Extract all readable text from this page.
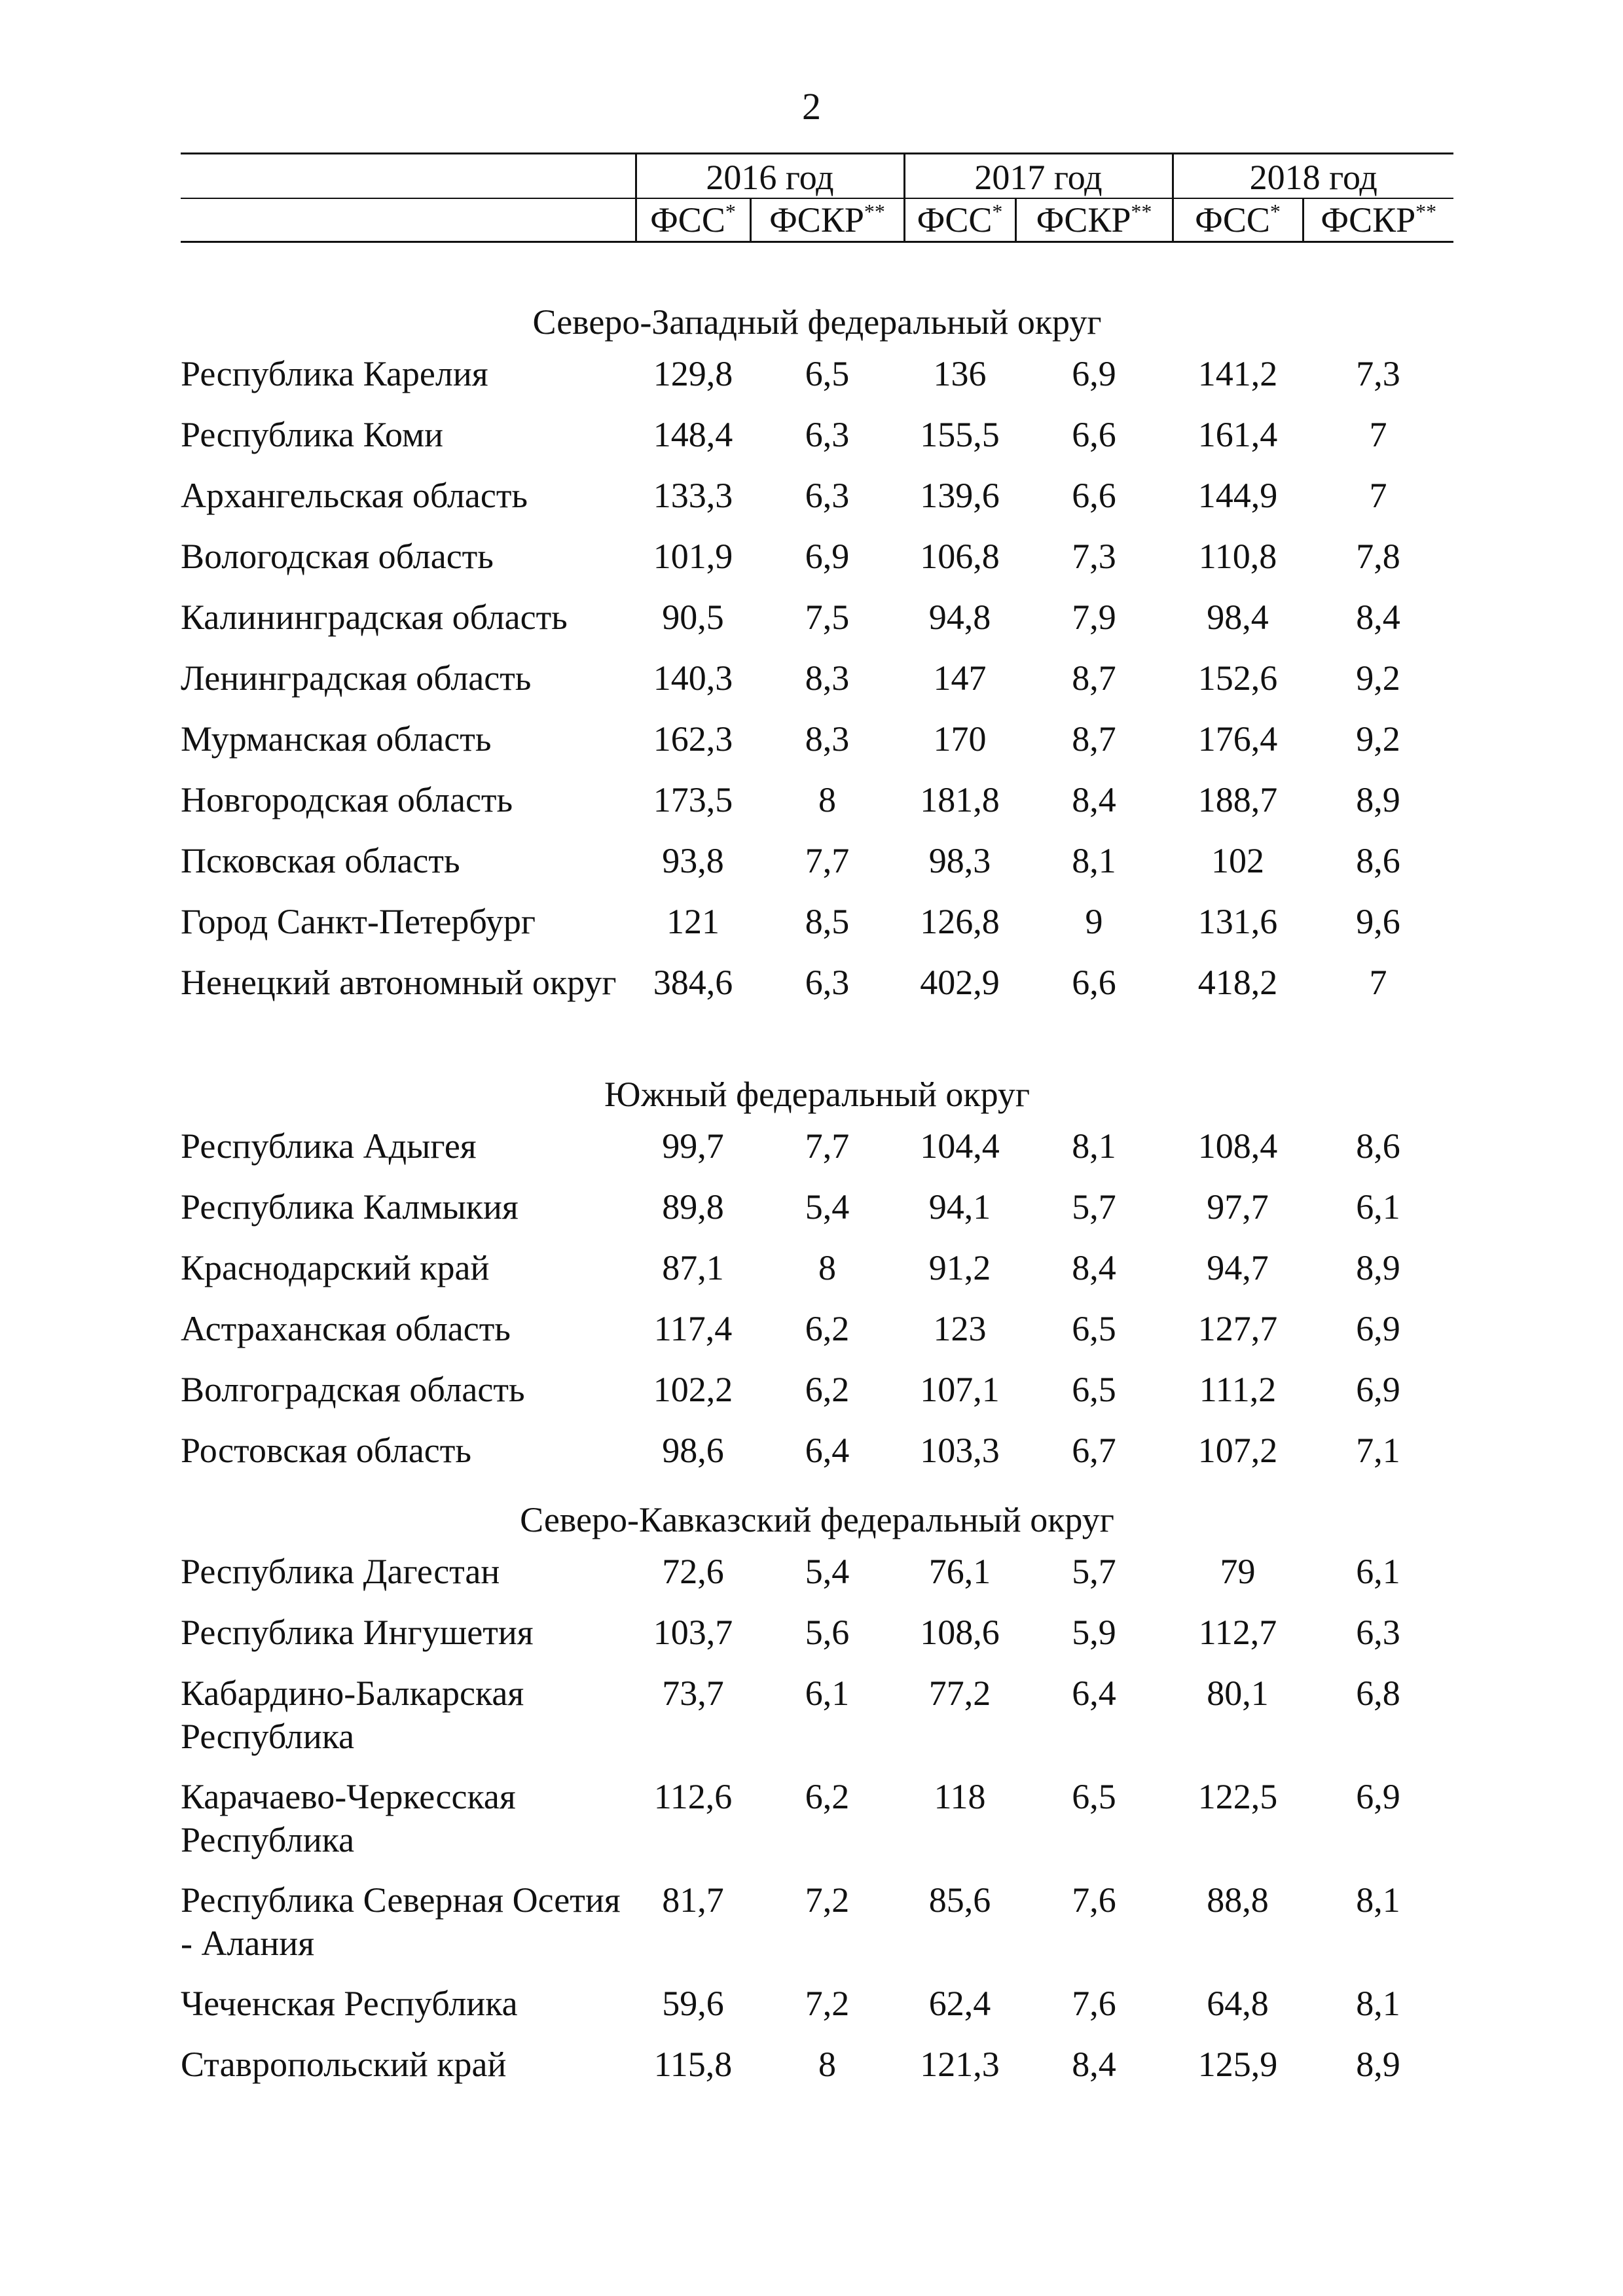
2
	2016 год		2017 год		2018 год	
	ФСС*	ФСКР**	ФСС*	ФСКР**	ФСС*	ФСКР**

Северо-Западный федеральный округ						
Республика Карелия	129,8	6,5	136	6,9	141,2	7,3
Республика Коми	148,4	6,3	155,5	6,6	161,4	7
Архангельская область	133,3	6,3	139,6	6,6	144,9	7
Вологодская область	101,9	6,9	106,8	7,3	110,8	7,8
Калининградская область	90,5	7,5	94,8	7,9	98,4	8,4
Ленинградская область	140,3	8,3	147	8,7	152,6	9,2
Мурманская область	162,3	8,3	170	8,7	176,4	9,2
Новгородская область	173,5	8	181,8	8,4	188,7	8,9
Псковская область	93,8	7,7	98,3	8,1	102	8,6
Город Санкт-Петербург	121	8,5	126,8	9	131,6	9,6
Ненецкий автономный округ	384,6	6,3	402,9	6,6	418,2	7
Южный федеральный округ						
Республика Адыгея	99,7	7,7	104,4	8,1	108,4	8,6
Республика Калмыкия	89,8	5,4	94,1	5,7	97,7	6,1
Краснодарский край	87,1	8	91,2	8,4	94,7	8,9
Астраханская область	117,4	6,2	123	6,5	127,7	6,9
Волгоградская область	102,2	6,2	107,1	6,5	111,2	6,9
Ростовская область	98,6	6,4	103,3	6,7	107,2	7,1
Северо-Кавказский федеральный округ						
Республика Дагестан	72,6	5,4	76,1	5,7	79	6,1
Республика Ингушетия	103,7	5,6	108,6	5,9	112,7	6,3
Кабардино-Балкарская Республика	73,7	6,1	77,2	6,4	80,1	6,8
Карачаево-Черкесская Республика	112,6	6,2	118	6,5	122,5	6,9
Республика Северная Осетия - Алания	81,7	7,2	85,6	7,6	88,8	8,1
Чеченская Республика	59,6	7,2	62,4	7,6	64,8	8,1
Ставропольский край	115,8	8	121,3	8,4	125,9	8,9
